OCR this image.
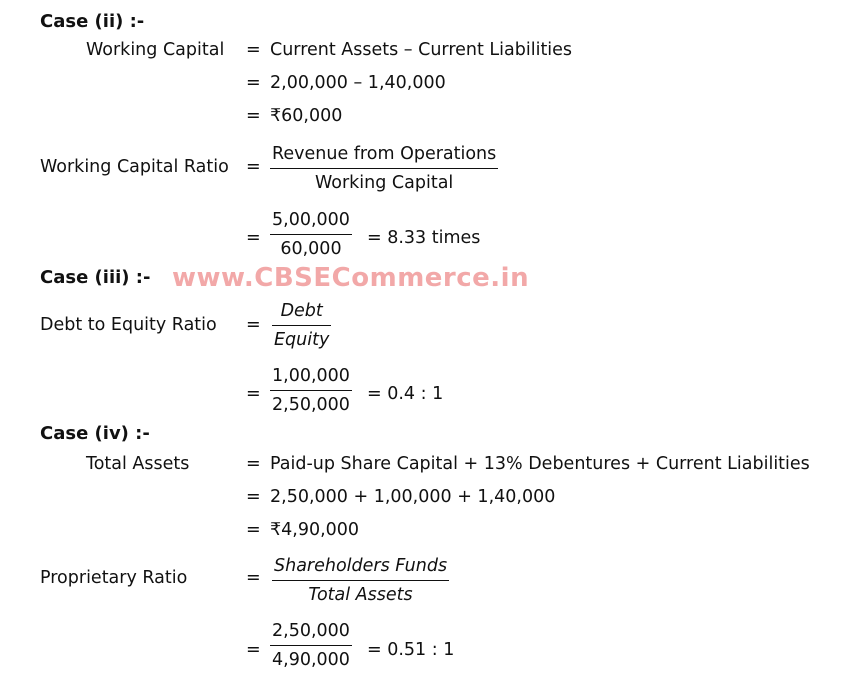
www.CBSECommerce.in
Case (ii) :-
Working Capital = Current Assets – Current Liabilities
= 2,00,000 – 1,40,000
= ₹60,000
Working Capital Ratio =
Revenue from Operations
Working Capital
= $\frac{5,00,000}{60,000} = 8.33$ times
Case (iii) :-
Debt to Equity Ratio =
Debt
Equity
= $\frac{1,00,000}{2,50,000} = 0.4$ : 1
Case (iv) :-
Total Assets	= Paid-up Share Capital + 13% Debentures + Current Liabilities
= 2,50,000 + 1,00,000 + 1,40,000
= ₹4,90,000
Proprietary Ratio	=
Shareholders Funds
Total Assets
= $\frac{2,50,000}{4,90,000} = 0.51$ : 1
